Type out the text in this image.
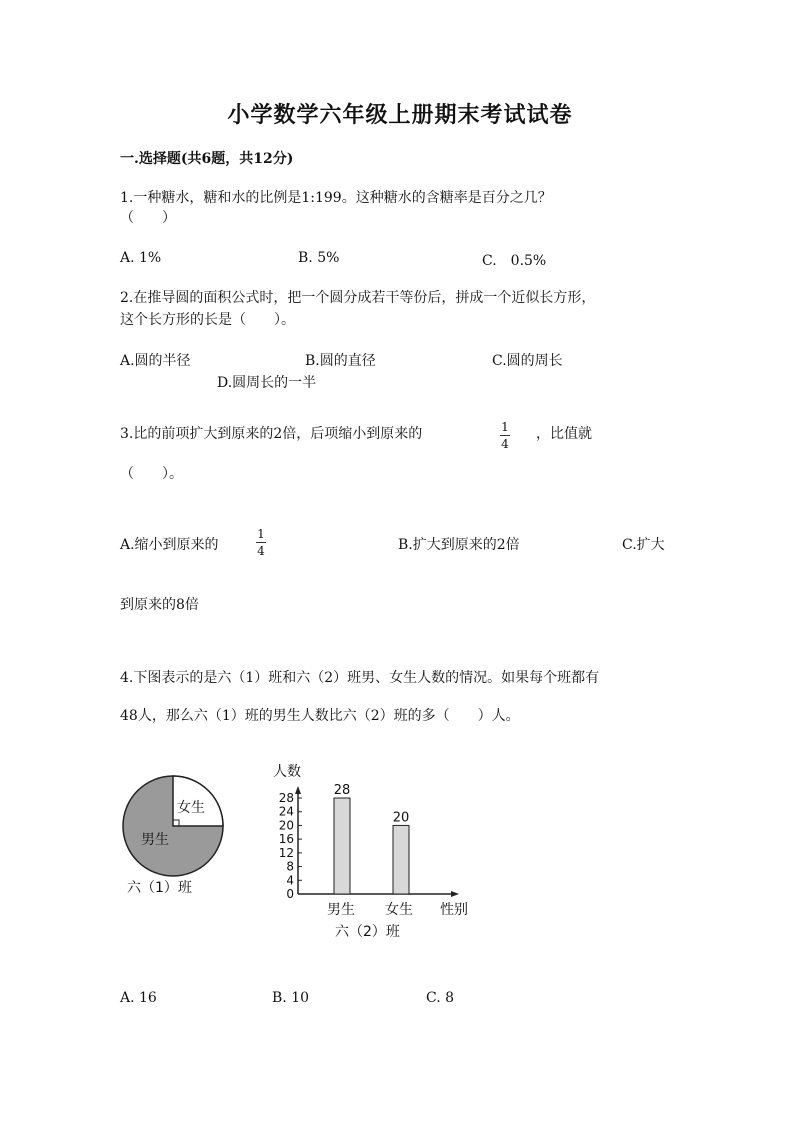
小学数学六年级上册期末考试试卷
一.选择题(共6题，共12分)
1.一种糖水，糖和水的比例是1:199。这种糖水的含糖率是百分之几？
（　　）
A. 1%	B. 5%	C.　0.5%
2.在推导圆的面积公式时，把一个圆分成若干等份后，拼成一个近似长方形，
这个长方形的长是（　　）。
A.圆的半径	B.圆的直径	C.圆的周长
D.圆周长的一半
3.比的前项扩大到原来的2倍，后项缩小到原来的	1
4
，比值就
（　　）。
A.缩小到原来的
1
4	B.扩大到原来的2倍	C.扩大
到原来的8倍
4.下图表示的是六（1）班和六（2）班男、女生人数的情况。如果每个班都有
48人，那么六（1）班的男生人数比六（2）班的多（　　）人。
女生
男生
六（1）班
人数
0
4
8
12
16
20
24
28	28
20
男生 女生 性别
六（2）班
A. 16	B. 10	C. 8
